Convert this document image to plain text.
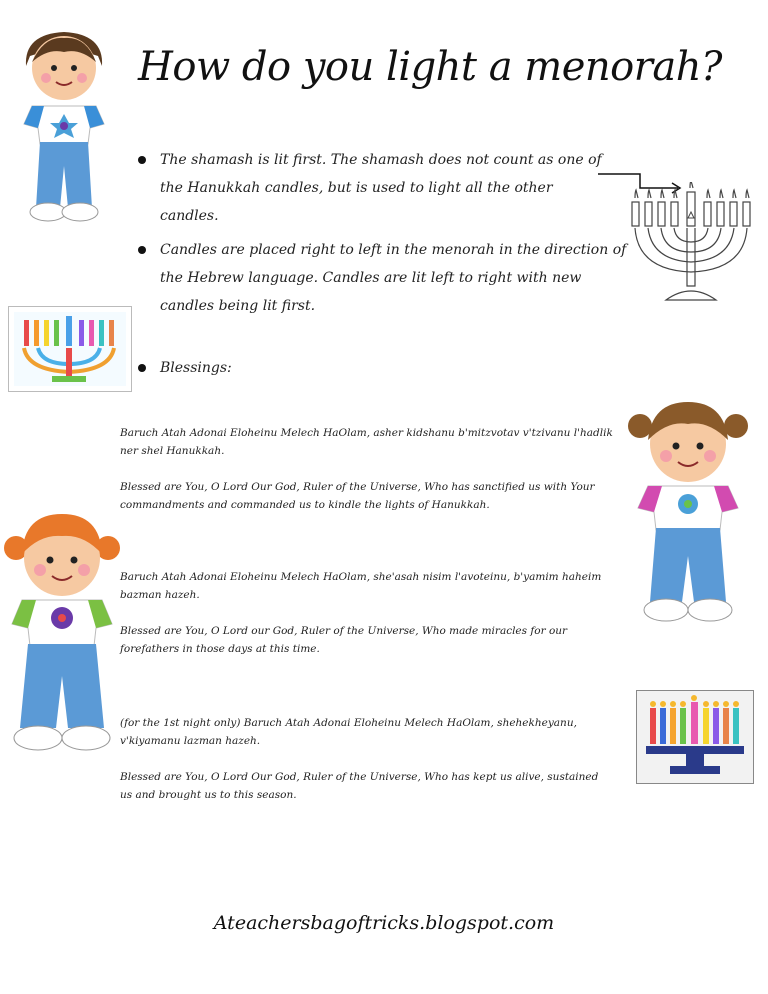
How do you light a menorah?
The shamash is lit first. The shamash does not count as one of the Hanukkah candles, but is used to light all the other candles.
Candles are placed right to left in the menorah in the direction of the Hebrew language. Candles are lit left to right with new candles being lit first.
Blessings:
Baruch Atah Adonai Eloheinu Melech HaOlam, asher kidshanu b'mitzvotav v'tzivanu l'hadlik ner shel Hanukkah.
Blessed are You, O Lord Our God, Ruler of the Universe, Who has sanctified us with Your commandments and commanded us to kindle the lights of Hanukkah.
Baruch Atah Adonai Eloheinu Melech HaOlam, she'asah nisim l'avoteinu, b'yamim haheim bazman hazeh.
Blessed are You, O Lord our God, Ruler of the Universe, Who made miracles for our forefathers in those days at this time.
(for the 1st night only) Baruch Atah Adonai Eloheinu Melech HaOlam, shehekheyanu, v'kiyamanu lazman hazeh.
Blessed are You, O Lord Our God, Ruler of the Universe, Who has kept us alive, sustained us and brought us to this season.
Ateachersbagoftricks.blogspot.com
